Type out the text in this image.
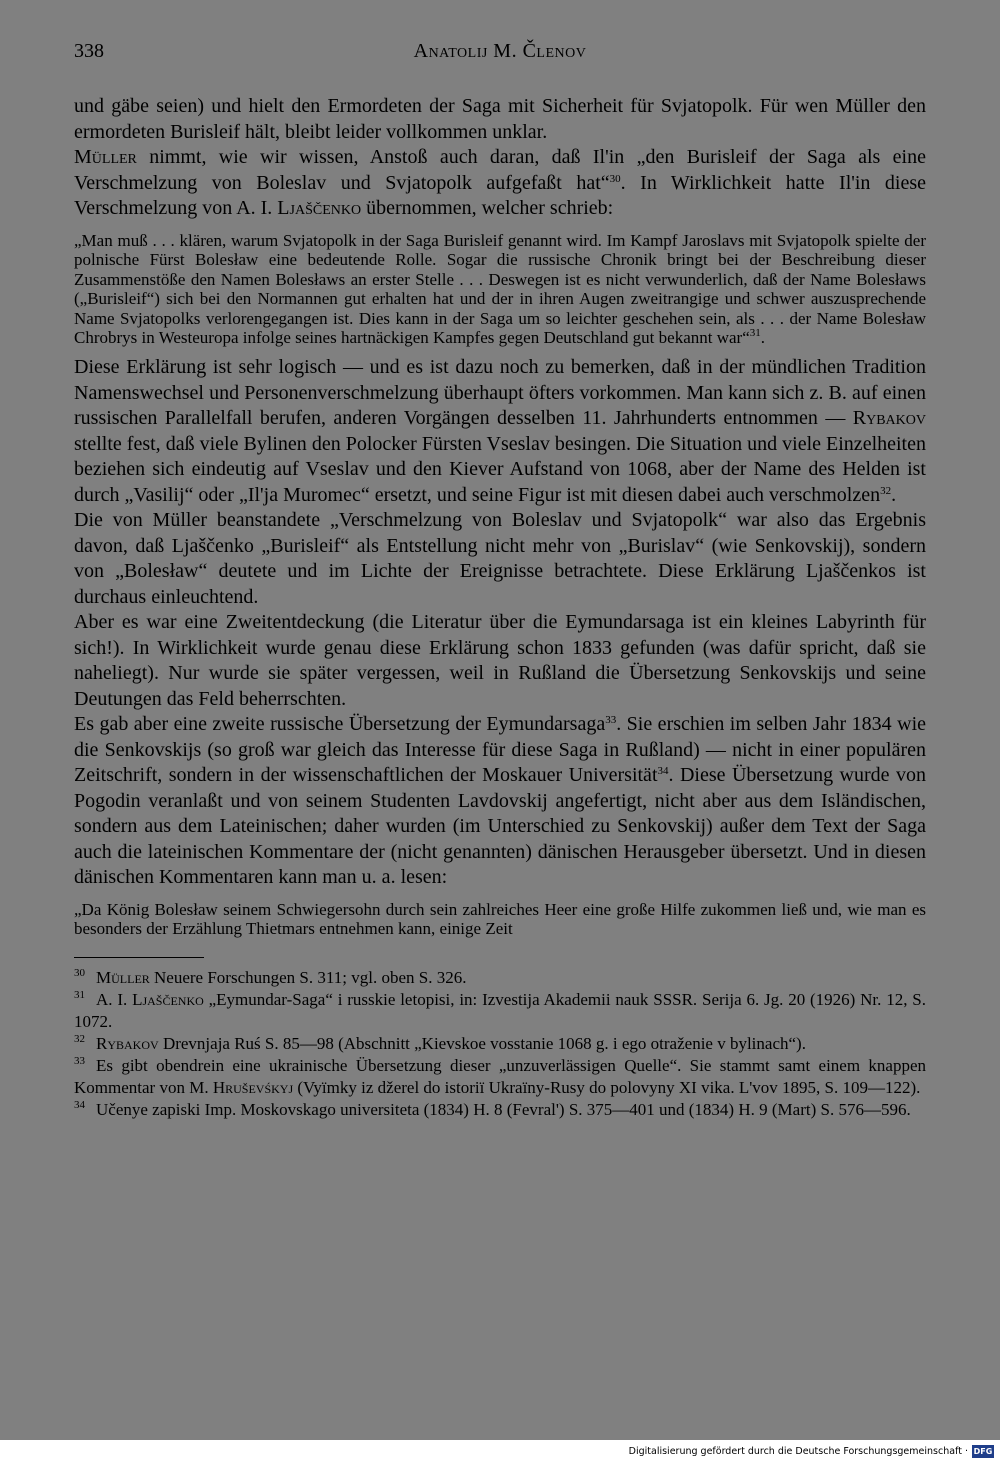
338	Anatolij M. Členov

und gäbe seien) und hielt den Ermordeten der Saga mit Sicherheit für Svjatopolk. Für wen Müller den ermordeten Burisleif hält, bleibt leider vollkommen unklar.

Müller nimmt, wie wir wissen, Anstoß auch daran, daß Il'in „den Burisleif der Saga als eine Verschmelzung von Boleslav und Svjatopolk aufgefaßt hat“$^{30}$. In Wirklichkeit hatte Il'in diese Verschmelzung von A. I. Ljaščenko übernommen, welcher schrieb:

„Man muß . . . klären, warum Svjatopolk in der Saga Burisleif genannt wird. Im Kampf Jaroslavs mit Svjatopolk spielte der polnische Fürst Bolesław eine bedeutende Rolle. Sogar die russische Chronik bringt bei der Beschreibung dieser Zusammenstöße den Namen Bolesławs an erster Stelle . . . Deswegen ist es nicht verwunderlich, daß der Name Bolesławs („Burisleif“) sich bei den Normannen gut erhalten hat und der in ihren Augen zweitrangige und schwer auszusprechende Name Svjatopolks verlorengegangen ist. Dies kann in der Saga um so leichter geschehen sein, als . . . der Name Bolesław Chrobrys in Westeuropa infolge seines hartnäckigen Kampfes gegen Deutschland gut bekannt war“$^{31}$.

Diese Erklärung ist sehr logisch — und es ist dazu noch zu bemerken, daß in der mündlichen Tradition Namenswechsel und Personenverschmelzung überhaupt öfters vorkommen. Man kann sich z. B. auf einen russischen Parallelfall berufen, anderen Vorgängen desselben 11. Jahrhunderts entnommen — Rybakov stellte fest, daß viele Bylinen den Polocker Fürsten Vseslav besingen. Die Situation und viele Einzelheiten beziehen sich eindeutig auf Vseslav und den Kiever Aufstand von 1068, aber der Name des Helden ist durch „Vasilij“ oder „Il'ja Muromec“ ersetzt, und seine Figur ist mit diesen dabei auch verschmolzen$^{32}$.

Die von Müller beanstandete „Verschmelzung von Boleslav und Svjatopolk“ war also das Ergebnis davon, daß Ljaščenko „Burisleif“ als Entstellung nicht mehr von „Burislav“ (wie Senkovskij), sondern von „Bolesław“ deutete und im Lichte der Ereignisse betrachtete. Diese Erklärung Ljaščenkos ist durchaus einleuchtend.

Aber es war eine Zweitentdeckung (die Literatur über die Eymundarsaga ist ein kleines Labyrinth für sich!). In Wirklichkeit wurde genau diese Erklärung schon 1833 gefunden (was dafür spricht, daß sie naheliegt). Nur wurde sie später vergessen, weil in Rußland die Übersetzung Senkovskijs und seine Deutungen das Feld beherrschten.

Es gab aber eine zweite russische Übersetzung der Eymundarsaga$^{33}$. Sie erschien im selben Jahr 1834 wie die Senkovskijs (so groß war gleich das Interesse für diese Saga in Rußland) — nicht in einer populären Zeitschrift, sondern in der wissenschaftlichen der Moskauer Universität$^{34}$. Diese Übersetzung wurde von Pogodin veranlaßt und von seinem Studenten Lavdovskij angefertigt, nicht aber aus dem Isländischen, sondern aus dem Lateinischen; daher wurden (im Unterschied zu Senkovskij) außer dem Text der Saga auch die lateinischen Kommentare der (nicht genannten) dänischen Herausgeber übersetzt. Und in diesen dänischen Kommentaren kann man u. a. lesen:

„Da König Bolesław seinem Schwiegersohn durch sein zahlreiches Heer eine große Hilfe zukommen ließ und, wie man es besonders der Erzählung Thietmars entnehmen kann, einige Zeit

$^{30}$ Müller Neuere Forschungen S. 311; vgl. oben S. 326.

$^{31}$ A. I. Ljaščenko „Eymundar-Saga“ i russkie letopisi, in: Izvestija Akademii nauk SSSR. Serija 6. Jg. 20 (1926) Nr. 12, S. 1072.

$^{32}$ Rybakov Drevnjaja Ruś S. 85—98 (Abschnitt „Kievskoe vosstanie 1068 g. i ego otraženie v bylinach“).

$^{33}$ Es gibt obendrein eine ukrainische Übersetzung dieser „unzuverlässigen Quelle“. Sie stammt samt einem knappen Kommentar von M. Hruševśkyj (Vyïmky iz džerel do istoriï Ukraïny-Rusy do polovyny XI vika. L'vov 1895, S. 109—122).

$^{34}$ Učenye zapiski Imp. Moskovskago universiteta (1834) H. 8 (Fevral') S. 375—401 und (1834) H. 9 (Mart) S. 576—596.

Digitalisierung gefördert durch die Deutsche Forschungsgemeinschaft · DFG
